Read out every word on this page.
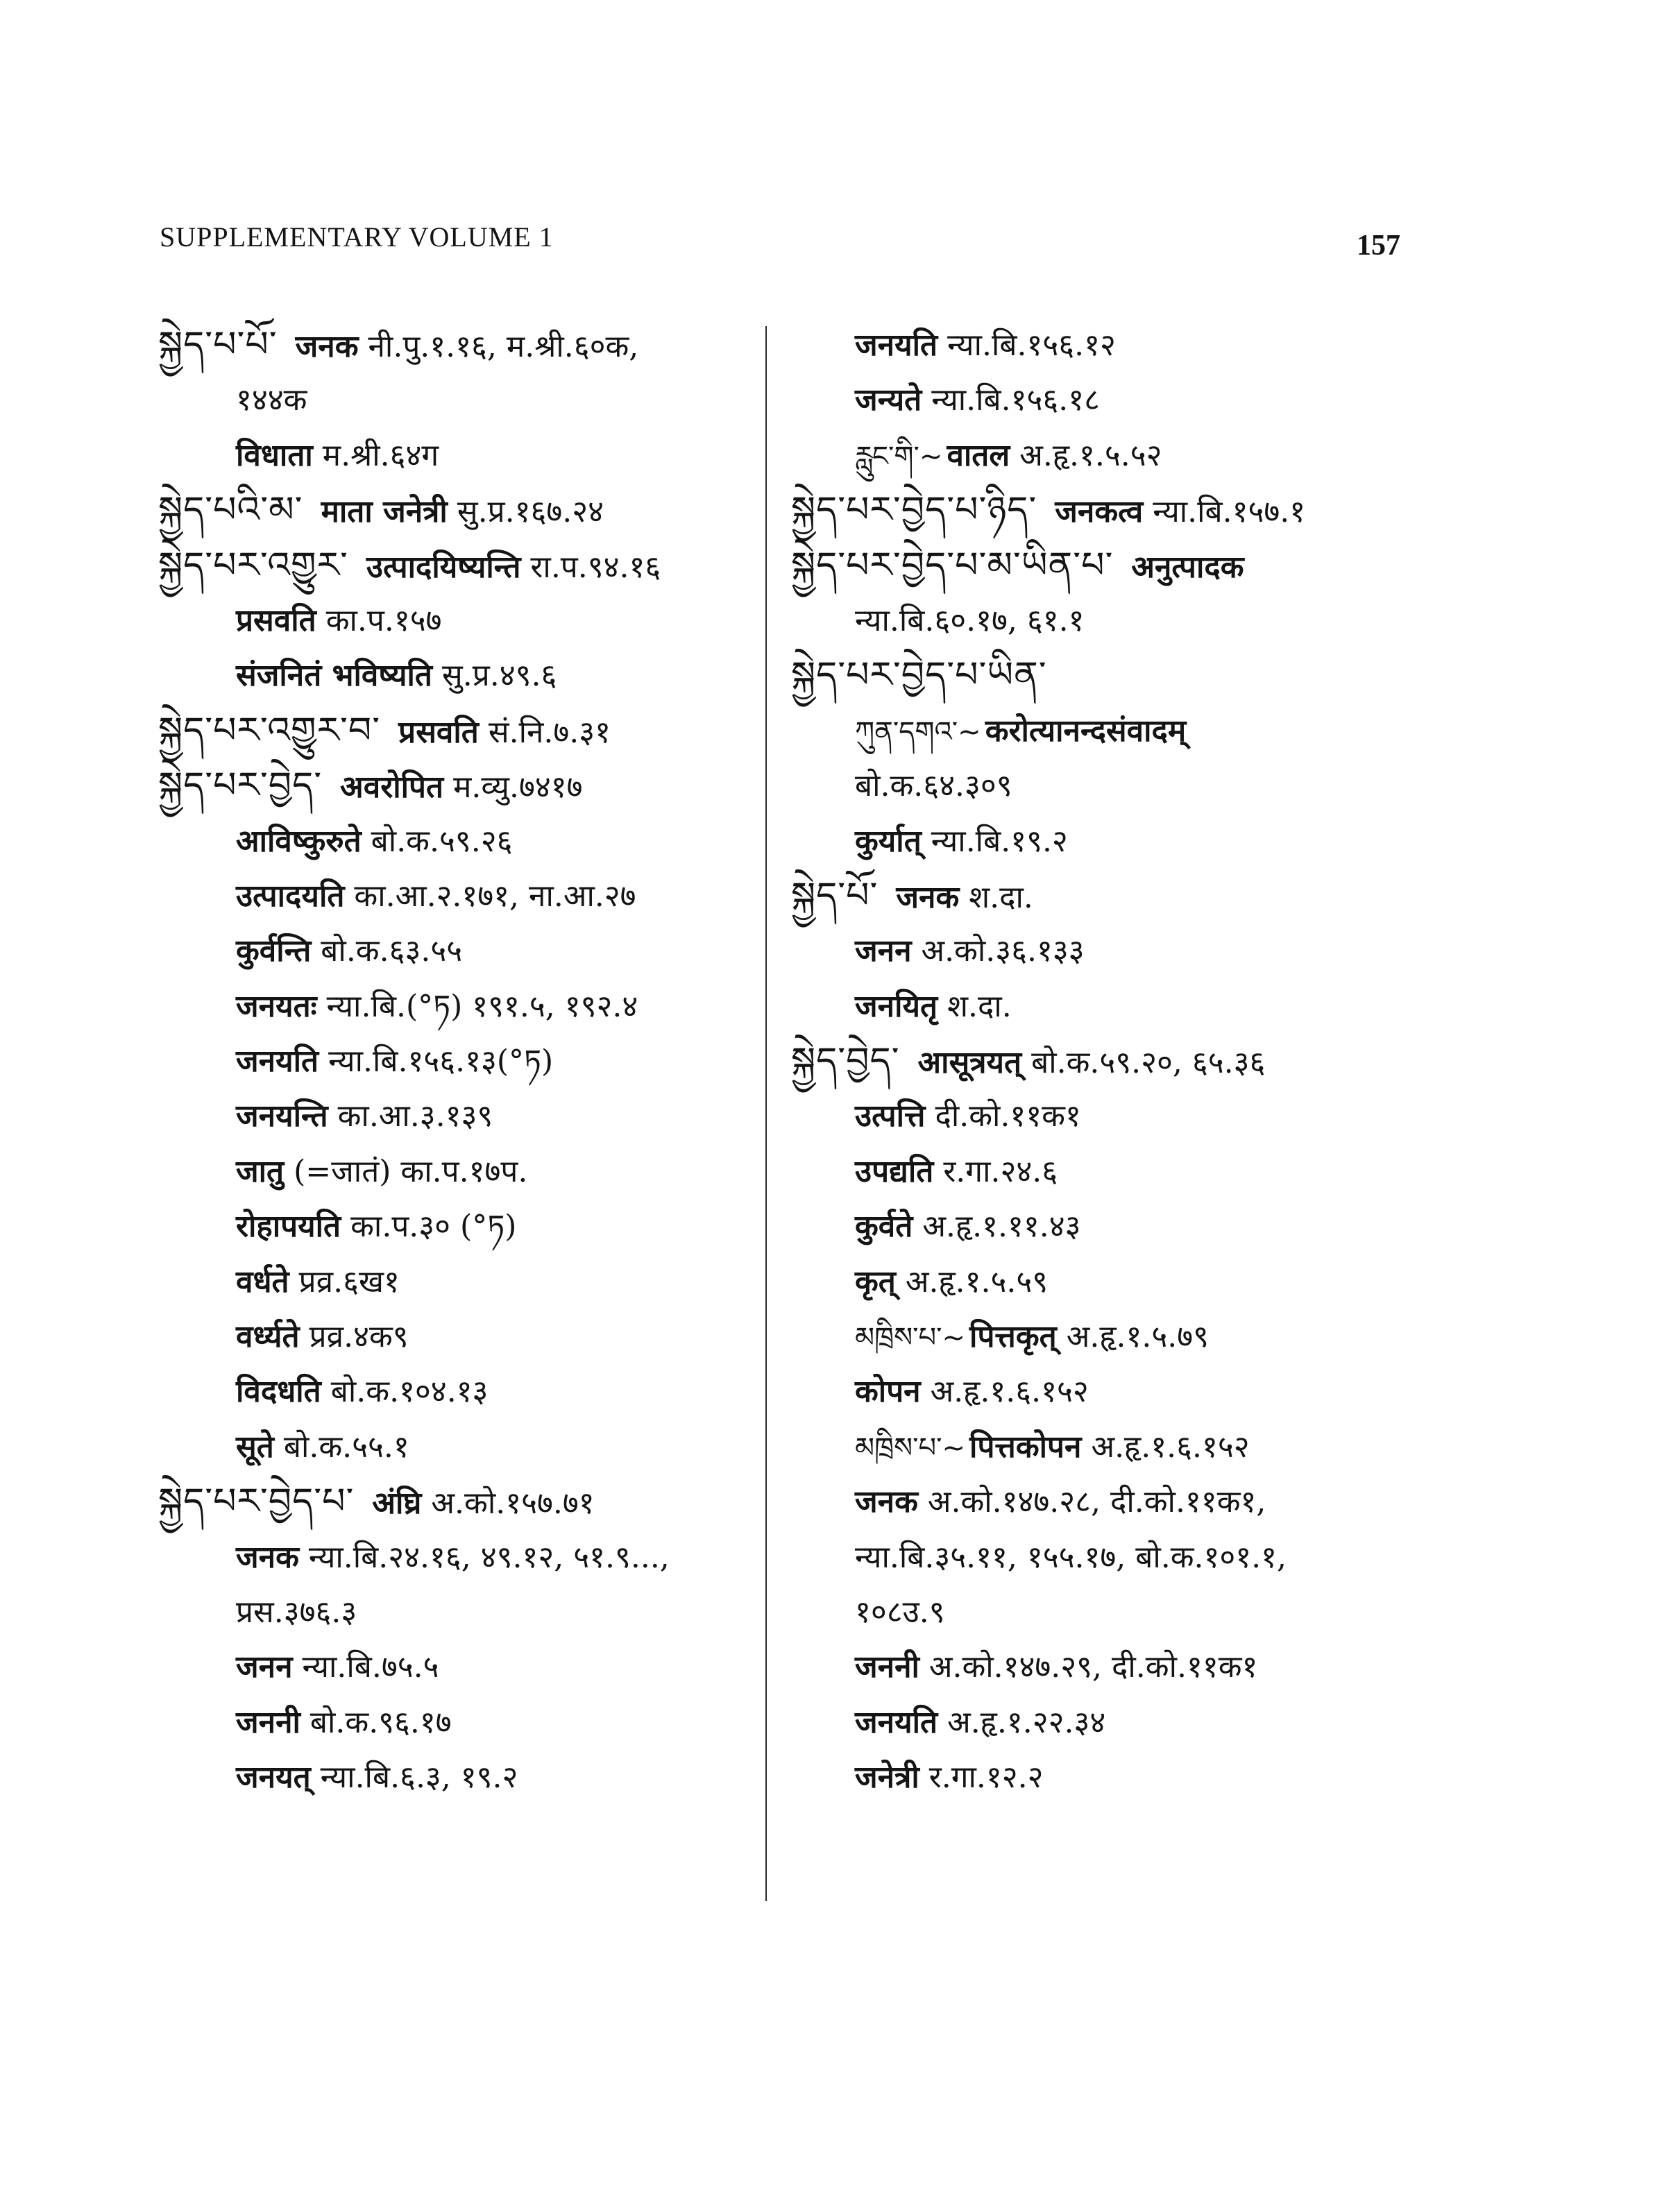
SUPPLEMENTARY VOLUME 1	157
སྐྱེད་པ་པོ་ जनक नी.पु.१.१६, म.श्री.६०क,
१४४क
विधाता म.श्री.६४ग
སྐྱེད་པའི་མ་ माता जनेत्री सु.प्र.१६७.२४
སྐྱེད་པར་འགྱུར་ उत्पादयिष्यन्ति रा.प.९४.१६
प्रसवति का.प.१५७
संजनितं भविष्यति सु.प्र.४९.६
སྐྱེད་པར་འགྱུར་བ་ प्रसवति सं.नि.७.३१
སྐྱེད་པར་བྱེད་ अवरोपित म.व्यु.७४१७
आविष्कुरुते बो.क.५९.२६
उत्पादयति का.आ.२.१७१, ना.आ.२७
कुर्वन्ति बो.क.६३.५५
जनयतः न्या.बि.(°ཏ) १९१.५, १९२.४
जनयति न्या.बि.१५६.१३(°ཏ)
जनयन्ति का.आ.३.१३९
जातु (=जातं) का.प.१७प.
रोहापयति का.प.३० (°ཏ)
वर्धते प्रव्र.६ख१
वर्ध्यते प्रव्र.४क९
विदधति बो.क.१०४.१३
सूते बो.क.५५.१
སྐྱེད་པར་བྱེད་པ་ अंघ्रि अ.को.१५७.७१
जनक न्या.बि.२४.१६, ४९.१२, ५१.९...,
प्रस.३७६.३
जनन न्या.बि.७५.५
जननी बो.क.९६.१७
जनयत् न्या.बि.६.३, १९.२
जनयति न्या.बि.१५६.१२
जन्यते न्या.बि.१५६.१८
རླུང་གི་~ वातल अ.हृ.१.५.५२
སྐྱེད་པར་བྱེད་པ་ཉིད་ जनकत्व न्या.बि.१५७.१
སྐྱེད་པར་བྱེད་པ་མ་ཡིན་པ་ अनुत्पादक
न्या.बि.६०.१७, ६१.१
སྐྱེད་པར་བྱེད་པ་ཡིན་
ཀུན་དགའ་~ करोत्यानन्दसंवादम्
बो.क.६४.३०९
कुर्यात् न्या.बि.१९.२
སྐྱེད་པོ་ जनक श.दा.
जनन अ.को.३६.१३३
जनयितृ श.दा.
སྐྱེད་བྱེད་ आसूत्रयत् बो.क.५९.२०, ६५.३६
उत्पत्ति दी.को.११क१
उपद्यति र.गा.२४.६
कुर्वते अ.हृ.१.११.४३
कृत् अ.हृ.१.५.५९
མཁྲིས་པ་~ पित्तकृत् अ.हृ.१.५.७९
कोपन अ.हृ.१.६.१५२
མཁྲིས་པ་~ पित्तकोपन अ.हृ.१.६.१५२
जनक अ.को.१४७.२८, दी.को.११क१,
न्या.बि.३५.११, १५५.१७, बो.क.१०१.१,
१०८उ.९
जननी अ.को.१४७.२९, दी.को.११क१
जनयति अ.हृ.१.२२.३४
जनेत्री र.गा.१२.२
